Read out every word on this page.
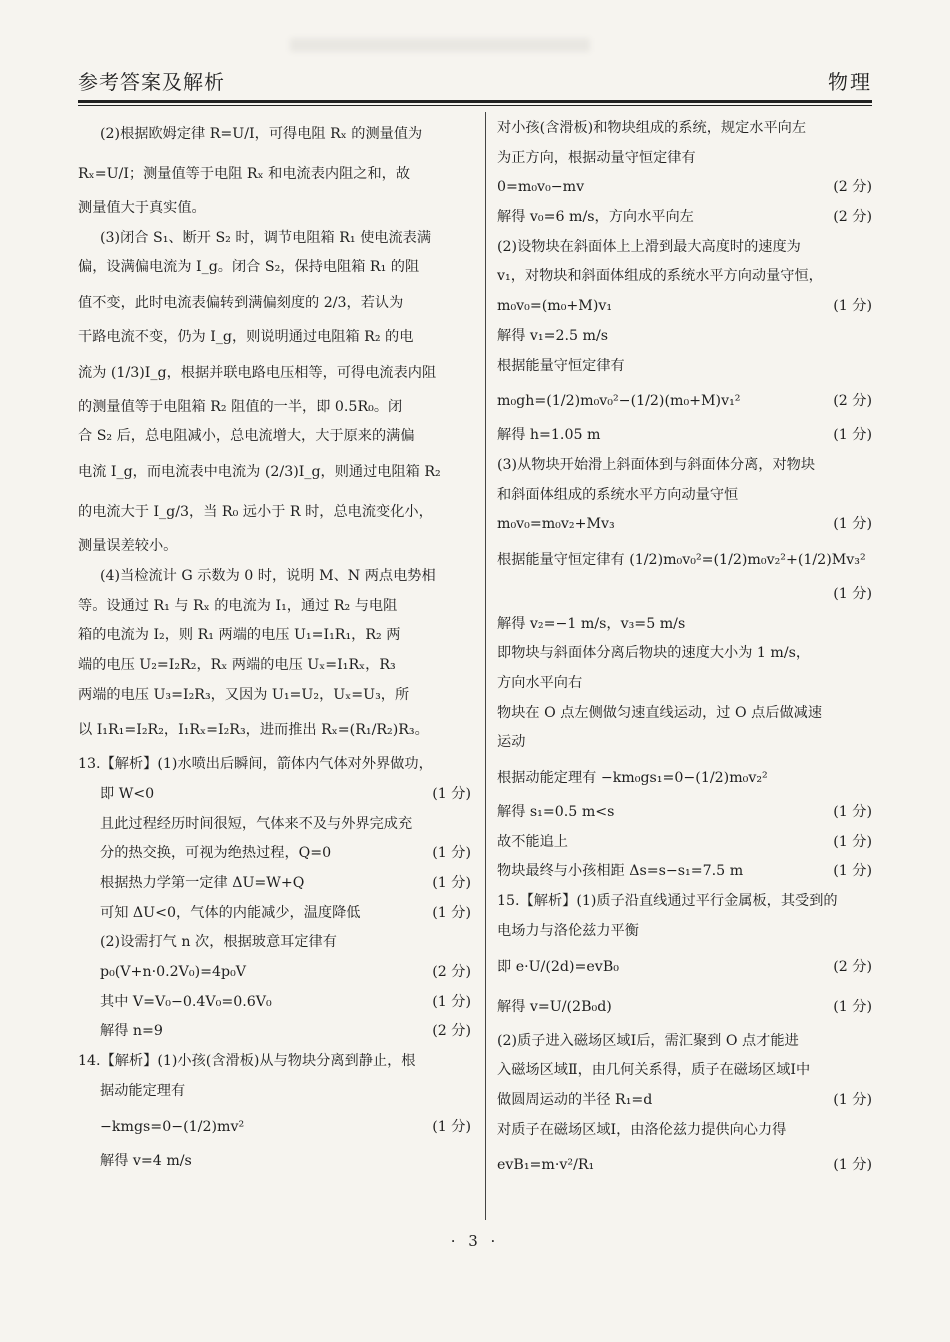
参考答案及解析	物理
(2)根据欧姆定律 R=U/I，可得电阻 Rₓ 的测量值为
Rₓ=U/I；测量值等于电阻 Rₓ 和电流表内阻之和，故
测量值大于真实值。
(3)闭合 S₁、断开 S₂ 时，调节电阻箱 R₁ 使电流表满
偏，设满偏电流为 I_g。闭合 S₂，保持电阻箱 R₁ 的阻
值不变，此时电流表偏转到满偏刻度的 2/3，若认为
干路电流不变，仍为 I_g，则说明通过电阻箱 R₂ 的电
流为 (1/3)I_g，根据并联电路电压相等，可得电流表内阻
的测量值等于电阻箱 R₂ 阻值的一半，即 0.5R₀。闭
合 S₂ 后，总电阻减小，总电流增大，大于原来的满偏
电流 I_g，而电流表中电流为 (2/3)I_g，则通过电阻箱 R₂
的电流大于 I_g/3，当 R₀ 远小于 R 时，总电流变化小，
测量误差较小。
(4)当检流计 G 示数为 0 时，说明 M、N 两点电势相
等。设通过 R₁ 与 Rₓ 的电流为 I₁，通过 R₂ 与电阻
箱的电流为 I₂，则 R₁ 两端的电压 U₁=I₁R₁，R₂ 两
端的电压 U₂=I₂R₂，Rₓ 两端的电压 Uₓ=I₁Rₓ，R₃
两端的电压 U₃=I₂R₃，又因为 U₁=U₂，Uₓ=U₃，所
以 I₁R₁=I₂R₂，I₁Rₓ=I₂R₃，进而推出 Rₓ=(R₁/R₂)R₃。
13.【解析】(1)水喷出后瞬间，箭体内气体对外界做功，
即 W<0	(1 分)
且此过程经历时间很短，气体来不及与外界完成充
分的热交换，可视为绝热过程，Q=0	(1 分)
根据热力学第一定律 ΔU=W+Q	(1 分)
可知 ΔU<0，气体的内能减少，温度降低	(1 分)
(2)设需打气 n 次，根据玻意耳定律有
p₀(V+n·0.2V₀)=4p₀V	(2 分)
其中 V=V₀−0.4V₀=0.6V₀	(1 分)
解得 n=9	(2 分)
14.【解析】(1)小孩(含滑板)从与物块分离到静止，根
据动能定理有
−kmgs=0−(1/2)mv²	(1 分)
解得 v=4 m/s
对小孩(含滑板)和物块组成的系统，规定水平向左
为正方向，根据动量守恒定律有
0=m₀v₀−mv	(2 分)
解得 v₀=6 m/s，方向水平向左	(2 分)
(2)设物块在斜面体上上滑到最大高度时的速度为
v₁，对物块和斜面体组成的系统水平方向动量守恒，
m₀v₀=(m₀+M)v₁	(1 分)
解得 v₁=2.5 m/s
根据能量守恒定律有
m₀gh=(1/2)m₀v₀²−(1/2)(m₀+M)v₁²	(2 分)
解得 h=1.05 m	(1 分)
(3)从物块开始滑上斜面体到与斜面体分离，对物块
和斜面体组成的系统水平方向动量守恒
m₀v₀=m₀v₂+Mv₃	(1 分)
根据能量守恒定律有 (1/2)m₀v₀²=(1/2)m₀v₂²+(1/2)Mv₃²
(1 分)
解得 v₂=−1 m/s，v₃=5 m/s
即物块与斜面体分离后物块的速度大小为 1 m/s，
方向水平向右
物块在 O 点左侧做匀速直线运动，过 O 点后做减速
运动
根据动能定理有 −km₀gs₁=0−(1/2)m₀v₂²
解得 s₁=0.5 m<s	(1 分)
故不能追上	(1 分)
物块最终与小孩相距 Δs=s−s₁=7.5 m	(1 分)
15.【解析】(1)质子沿直线通过平行金属板，其受到的
电场力与洛伦兹力平衡
即 e·U/(2d)=evB₀	(2 分)
解得 v=U/(2B₀d)	(1 分)
(2)质子进入磁场区域Ⅰ后，需汇聚到 O 点才能进
入磁场区域Ⅱ，由几何关系得，质子在磁场区域Ⅰ中
做圆周运动的半径 R₁=d	(1 分)
对质子在磁场区域Ⅰ，由洛伦兹力提供向心力得
evB₁=m·v²/R₁	(1 分)
· 3 ·
